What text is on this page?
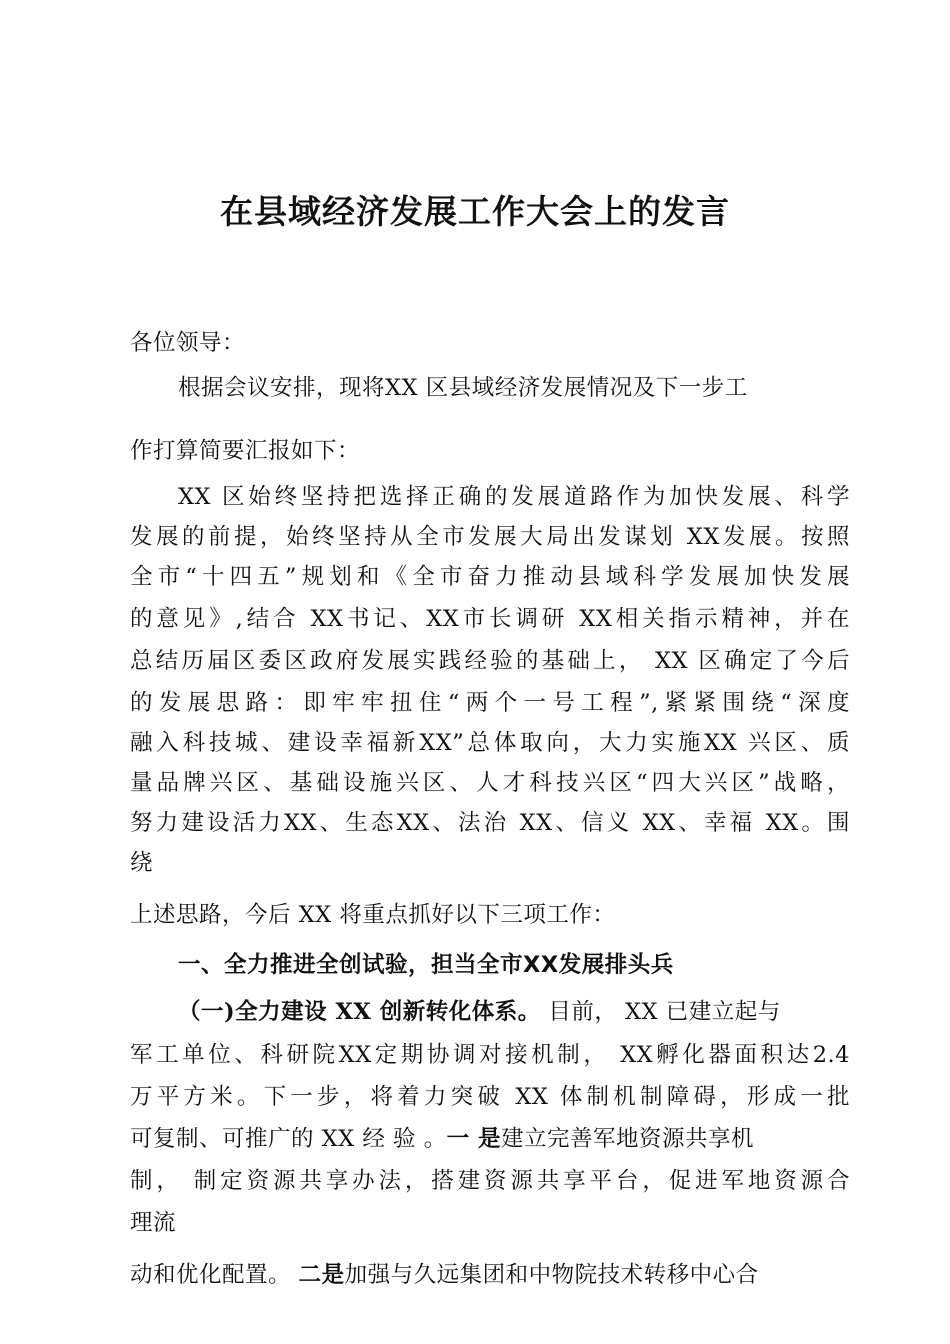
在县域经济发展工作大会上的发言

各位领导：

根据会议安排，现将XX 区县域经济发展情况及下一步工

作打算简要汇报如下：

XX 区始终坚持把选择正确的发展道路作为加快发展、科学

发展的前提，始终坚持从全市发展大局出发谋划 XX发展。按照

全市“十四五”规划和《全市奋力推动县域科学发展加快发展

的意见》,结合 XX书记、XX市长调研 XX相关指示精神，并在

总结历届区委区政府发展实践经验的基础上， XX 区确定了今后

的发展思路：即牢牢扭住“两个一号工程”,紧紧围绕“深度

融入科技城、建设幸福新XX”总体取向，大力实施XX 兴区、质

量品牌兴区、基础设施兴区、人才科技兴区“四大兴区”战略，

努力建设活力XX、生态XX、法治 XX、信义 XX、幸福 XX。围

绕

上述思路，今后 XX 将重点抓好以下三项工作：

一、全力推进全创试验，担当全市XX发展排头兵

（一)全力建设 XX 创新转化体系。 目前， XX 已建立起与

军工单位、科研院XX定期协调对接机制， XX孵化器面积达2.4

万平方米。下一步，将着力突破 XX 体制机制障碍，形成一批

可复制、可推广的 XX 经 验 。一 是建立完善军地资源共享机

制， 制定资源共享办法，搭建资源共享平台，促进军地资源合

理流

动和优化配置。 二是加强与久远集团和中物院技术转移中心合
